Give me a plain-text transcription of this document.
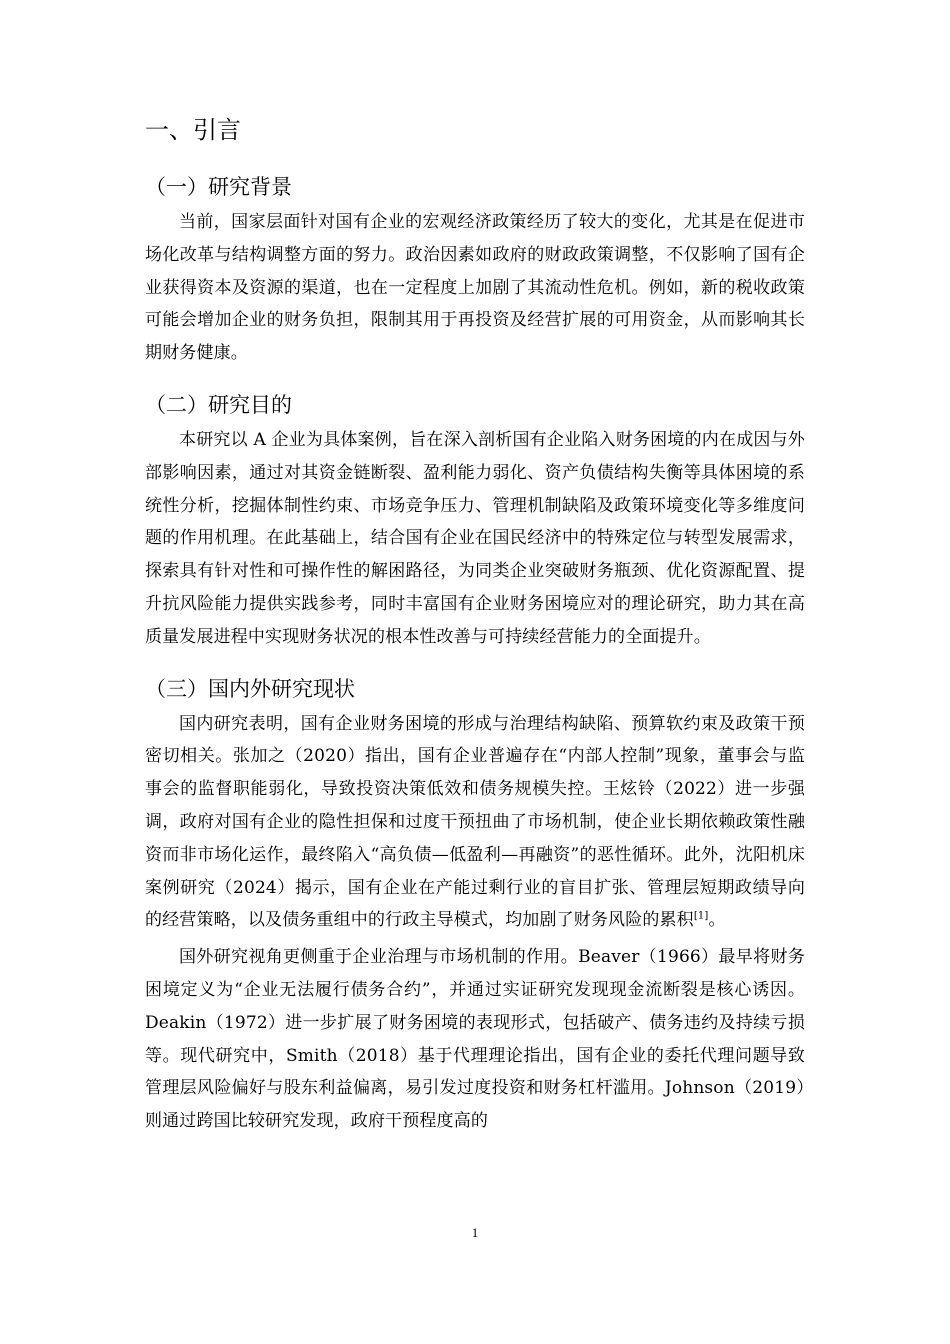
一、引言
（一）研究背景

当前，国家层面针对国有企业的宏观经济政策经历了较大的变化，尤其是在促进市场化改革与结构调整方面的努力。政治因素如政府的财政政策调整，不仅影响了国有企业获得资本及资源的渠道，也在一定程度上加剧了其流动性危机。例如，新的税收政策可能会增加企业的财务负担，限制其用于再投资及经营扩展的可用资金，从而影响其长期财务健康。

（二）研究目的

本研究以 A 企业为具体案例，旨在深入剖析国有企业陷入财务困境的内在成因与外部影响因素，通过对其资金链断裂、盈利能力弱化、资产负债结构失衡等具体困境的系统性分析，挖掘体制性约束、市场竞争压力、管理机制缺陷及政策环境变化等多维度问题的作用机理。在此基础上，结合国有企业在国民经济中的特殊定位与转型发展需求，探索具有针对性和可操作性的解困路径，为同类企业突破财务瓶颈、优化资源配置、提升抗风险能力提供实践参考，同时丰富国有企业财务困境应对的理论研究，助力其在高质量发展进程中实现财务状况的根本性改善与可持续经营能力的全面提升。

（三）国内外研究现状

国内研究表明，国有企业财务困境的形成与治理结构缺陷、预算软约束及政策干预密切相关。张加之（2020）指出，国有企业普遍存在“内部人控制”现象，董事会与监事会的监督职能弱化，导致投资决策低效和债务规模失控。王炫铃（2022）进一步强调，政府对国有企业的隐性担保和过度干预扭曲了市场机制，使企业长期依赖政策性融资而非市场化运作，最终陷入“高负债—低盈利—再融资”的恶性循环。此外，沈阳机床案例研究（2024）揭示，国有企业在产能过剩行业的盲目扩张、管理层短期政绩导向的经营策略，以及债务重组中的行政主导模式，均加剧了财务风险的累积[1]。

国外研究视角更侧重于企业治理与市场机制的作用。Beaver（1966）最早将财务困境定义为“企业无法履行债务合约”，并通过实证研究发现现金流断裂是核心诱因。Deakin（1972）进一步扩展了财务困境的表现形式，包括破产、债务违约及持续亏损等。现代研究中，Smith（2018）基于代理理论指出，国有企业的委托代理问题导致管理层风险偏好与股东利益偏离，易引发过度投资和财务杠杆滥用。Johnson（2019）则通过跨国比较研究发现，政府干预程度高的

1
